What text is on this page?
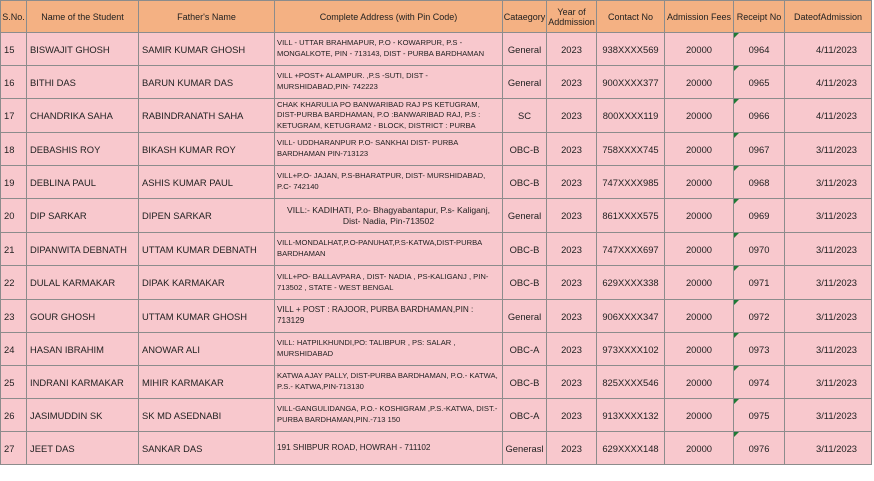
S.No.	Name of the Student	Father's Name	Complete Address (with Pin Code)	Cataegory	Year of Addmission	Contact No	Admission Fees	Receipt No	DateofAdmission
15	BISWAJIT GHOSH	SAMIR KUMAR GHOSH	VILL - UTTAR BRAHMAPUR, P.O - KOWARPUR, P.S - MONGALKOTE, PIN - 713143, DIST - PURBA BARDHAMAN	General	2023	938XXXX569	20000	0964	4/11/2023
16	BITHI DAS	BARUN KUMAR DAS	VILL +POST+ ALAMPUR. ,P.S -SUTI, DIST - MURSHIDABAD,PIN- 742223	General	2023	900XXXX377	20000	0965	4/11/2023
17	CHANDRIKA SAHA	RABINDRANATH SAHA	CHAK KHARULIA PO BANWARIBAD RAJ PS KETUGRAM, DIST-PURBA BARDHAMAN, P.O :BANWARIBAD RAJ, P.S : KETUGRAM, KETUGRAM2 - BLOCK, DISTRICT : PURBA	SC	2023	800XXXX119	20000	0966	4/11/2023
18	DEBASHIS ROY	BIKASH KUMAR ROY	VILL- UDDHARANPUR P.O- SANKHAI DIST- PURBA BARDHAMAN PIN-713123	OBC-B	2023	758XXXX745	20000	0967	3/11/2023
19	DEBLINA PAUL	ASHIS KUMAR PAUL	VILL+P.O- JAJAN, P.S-BHARATPUR, DIST- MURSHIDABAD, P.C- 742140	OBC-B	2023	747XXXX985	20000	0968	3/11/2023
20	DIP SARKAR	DIPEN SARKAR	VILL:- KADIHATI, P.o- Bhagyabantapur, P.s- Kaliganj, Dist- Nadia, Pin-713502	General	2023	861XXXX575	20000	0969	3/11/2023
21	DIPANWITA DEBNATH	UTTAM KUMAR DEBNATH	VILL-MONDALHAT,P.O-PANUHAT,P.S-KATWA,DIST-PURBA BARDHAMAN	OBC-B	2023	747XXXX697	20000	0970	3/11/2023
22	DULAL KARMAKAR	DIPAK KARMAKAR	VILL+PO- BALLAVPARA , DIST- NADIA , PS-KALIGANJ , PIN-713502 , STATE - WEST BENGAL	OBC-B	2023	629XXXX338	20000	0971	3/11/2023
23	GOUR GHOSH	UTTAM KUMAR GHOSH	VILL + POST : RAJOOR, PURBA BARDHAMAN,PIN : 713129	General	2023	906XXXX347	20000	0972	3/11/2023
24	HASAN IBRAHIM	ANOWAR ALI	VILL: HATPILKHUNDI,PO: TALIBPUR , PS: SALAR , MURSHIDABAD	OBC-A	2023	973XXXX102	20000	0973	3/11/2023
25	INDRANI KARMAKAR	MIHIR KARMAKAR	KATWA AJAY PALLY, DIST-PURBA BARDHAMAN, P.O.- KATWA, P.S.- KATWA,PIN-713130	OBC-B	2023	825XXXX546	20000	0974	3/11/2023
26	JASIMUDDIN SK	SK MD ASEDNABI	VILL-GANGULIDANGA, P.O.- KOSHIGRAM ,P.S.-KATWA, DIST.-PURBA BARDHAMAN,PIN.-713 150	OBC-A	2023	913XXXX132	20000	0975	3/11/2023
27	JEET DAS	SANKAR DAS	191 SHIBPUR ROAD, HOWRAH - 711102	Generasl	2023	629XXXX148	20000	0976	3/11/2023
